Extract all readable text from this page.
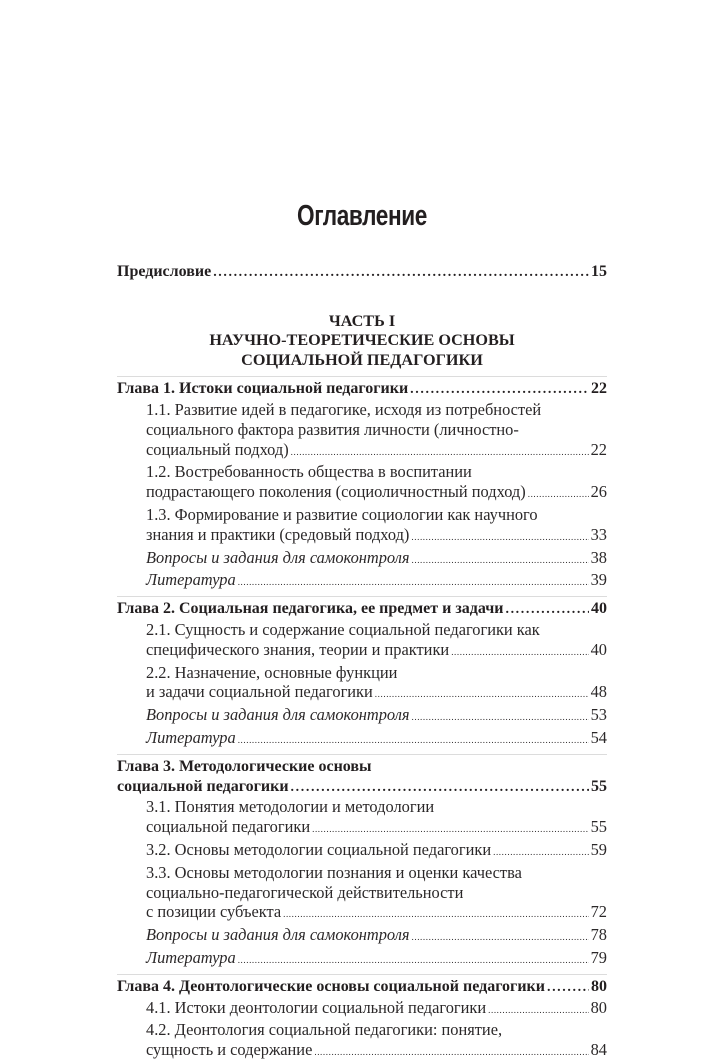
Оглавление
Предисловие .....	15
ЧАСТЬ I
НАУЧНО-ТЕОРЕТИЧЕСКИЕ ОСНОВЫ
СОЦИАЛЬНОЙ ПЕДАГОГИКИ
Глава 1. Истоки социальной педагогики .....	22
1.1. Развитие идей в педагогике, исходя из потребностей
социального фактора развития личности (личностно-
социальный подход) .....	22
1.2. Востребованность общества в воспитании
подрастающего поколения (социоличностный подход) .....	26
1.3. Формирование и развитие социологии как научного
знания и практики (средовый подход) .....	33
Вопросы и задания для самоконтроля .....	38
Литература .....	39
Глава 2. Социальная педагогика, ее предмет и задачи .....	40
2.1. Сущность и содержание социальной педагогики как
специфического знания, теории и практики .....	40
2.2. Назначение, основные функции
и задачи социальной педагогики .....	48
Вопросы и задания для самоконтроля .....	53
Литература .....	54
Глава 3. Методологические основы
социальной педагогики .....	55
3.1. Понятия методологии и методологии
социальной педагогики .....	55
3.2. Основы методологии социальной педагогики .....	59
3.3. Основы методологии познания и оценки качества
социально-педагогической действительности
с позиции субъекта .....	72
Вопросы и задания для самоконтроля .....	78
Литература .....	79
Глава 4. Деонтологические основы социальной педагогики .....	80
4.1. Истоки деонтологии социальной педагогики .....	80
4.2. Деонтология социальной педагогики: понятие,
сущность и содержание .....	84
